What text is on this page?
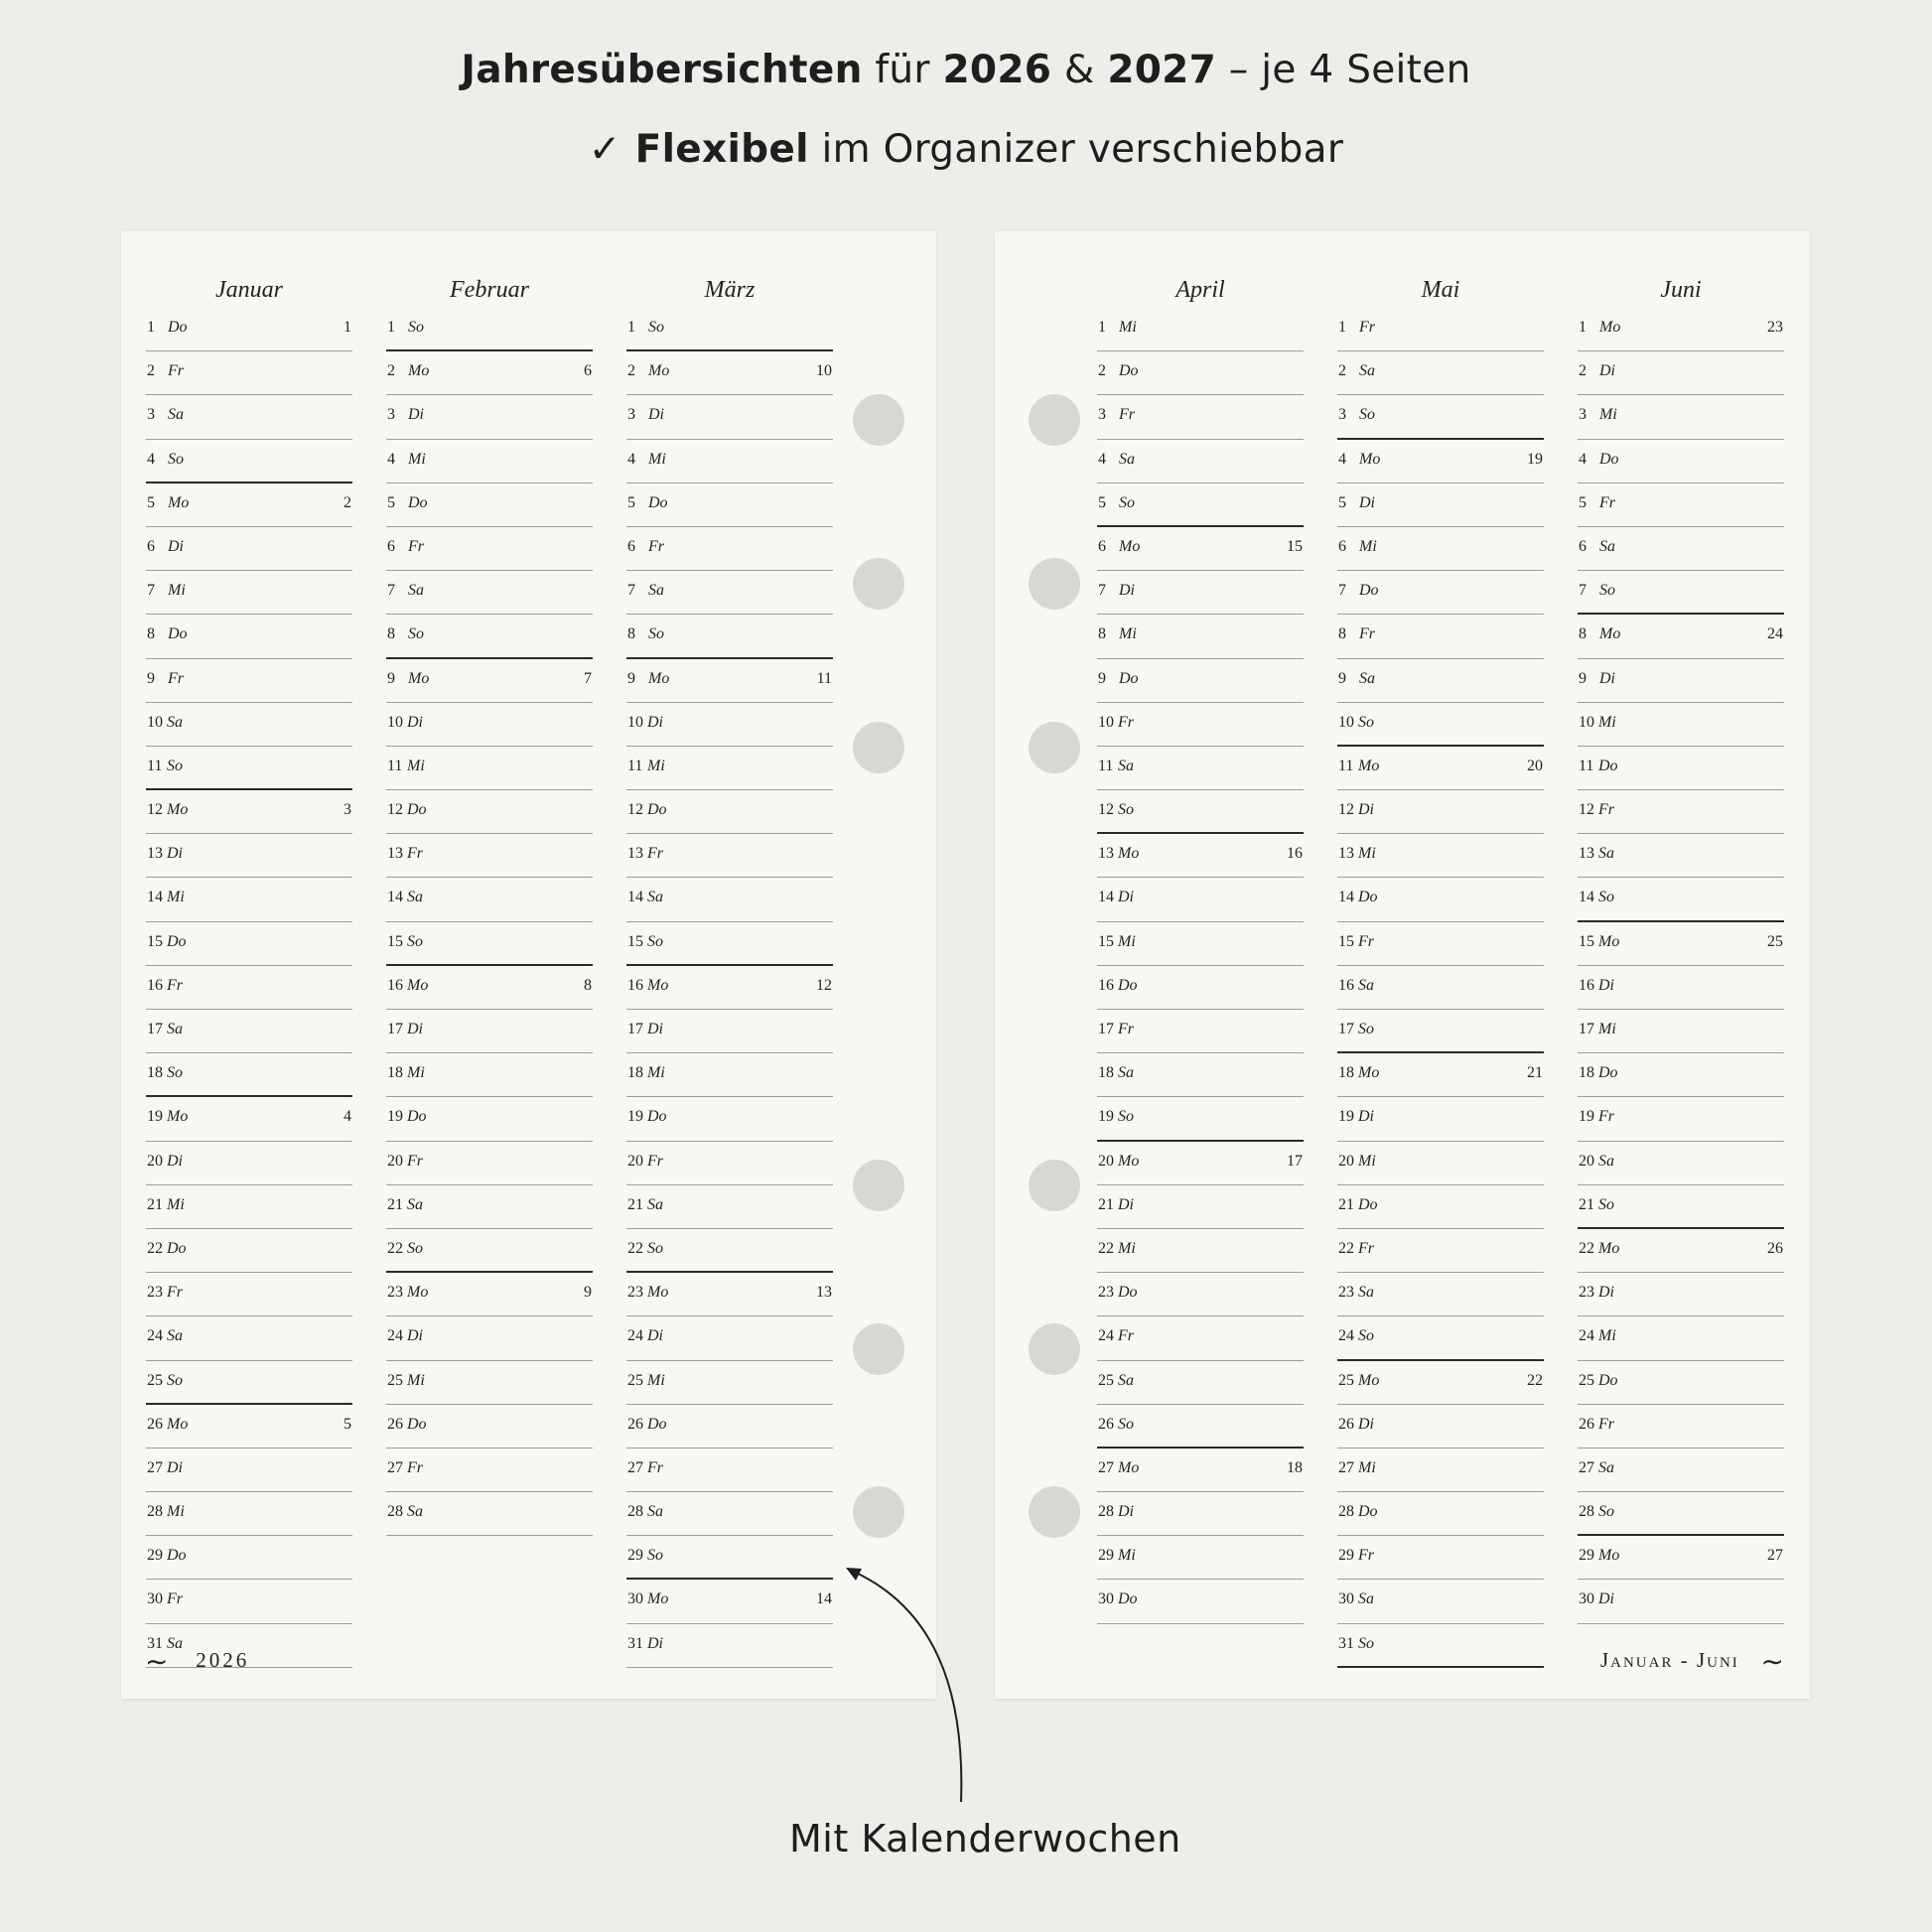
Jahresübersichten für 2026 & 2027 – je 4 Seiten
✓ Flexibel im Organizer verschiebbar
Januar
1 Do	1
2 Fr
3 Sa
4 So
5 Mo	2
6 Di
7 Mi
8 Do
9 Fr
10 Sa
11 So
12 Mo	3
13 Di
14 Mi
15 Do
16 Fr
17 Sa
18 So
19 Mo	4
20 Di
21 Mi
22 Do
23 Fr
24 Sa
25 So
26 Mo	5
27 Di
28 Mi
29 Do
30 Fr
31 Sa
Februar
1 So
2 Mo	6
3 Di
4 Mi
5 Do
6 Fr
7 Sa
8 So
9 Mo	7
10 Di
11 Mi
12 Do
13 Fr
14 Sa
15 So
16 Mo	8
17 Di
18 Mi
19 Do
20 Fr
21 Sa
22 So
23 Mo	9
24 Di
25 Mi
26 Do
27 Fr
28 Sa
März
1 So
2 Mo	10
3 Di
4 Mi
5 Do
6 Fr
7 Sa
8 So
9 Mo	11
10 Di
11 Mi
12 Do
13 Fr
14 Sa
15 So
16 Mo	12
17 Di
18 Mi
19 Do
20 Fr
21 Sa
22 So
23 Mo	13
24 Di
25 Mi
26 Do
27 Fr
28 Sa
29 So
30 Mo	14
31 Di
∼ 2026
April
1 Mi
2 Do
3 Fr
4 Sa
5 So
6 Mo	15
7 Di
8 Mi
9 Do
10 Fr
11 Sa
12 So
13 Mo	16
14 Di
15 Mi
16 Do
17 Fr
18 Sa
19 So
20 Mo	17
21 Di
22 Mi
23 Do
24 Fr
25 Sa
26 So
27 Mo	18
28 Di
29 Mi
30 Do
Mai
1 Fr
2 Sa
3 So
4 Mo	19
5 Di
6 Mi
7 Do
8 Fr
9 Sa
10 So
11 Mo	20
12 Di
13 Mi
14 Do
15 Fr
16 Sa
17 So
18 Mo	21
19 Di
20 Mi
21 Do
22 Fr
23 Sa
24 So
25 Mo	22
26 Di
27 Mi
28 Do
29 Fr
30 Sa
31 So
Juni
1 Mo	23
2 Di
3 Mi
4 Do
5 Fr
6 Sa
7 So
8 Mo	24
9 Di
10 Mi
11 Do
12 Fr
13 Sa
14 So
15 Mo	25
16 Di
17 Mi
18 Do
19 Fr
20 Sa
21 So
22 Mo	26
23 Di
24 Mi
25 Do
26 Fr
27 Sa
28 So
29 Mo	27
30 Di
Januar - Juni ∼
Mit Kalenderwochen
